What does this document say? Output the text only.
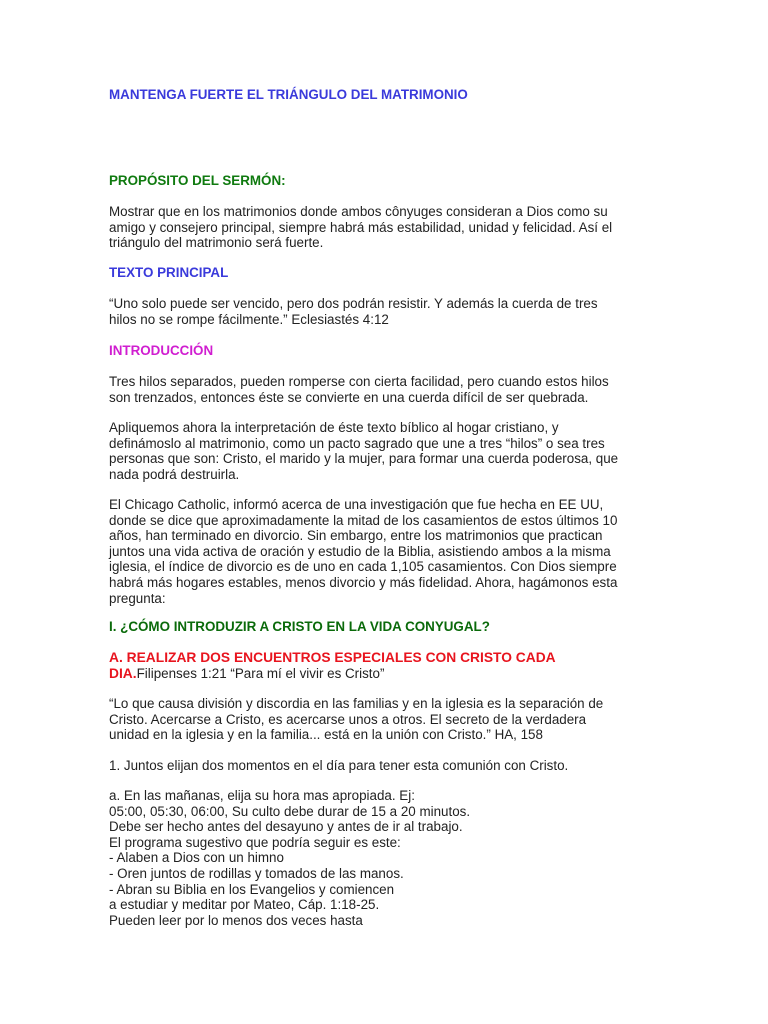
MANTENGA FUERTE EL TRIÁNGULO DEL MATRIMONIO
PROPÓSITO DEL SERMÓN:
Mostrar que en los matrimonios donde ambos cônyuges consideran a Dios como su
amigo y consejero principal, siempre habrá más estabilidad, unidad y felicidad. Así el
triángulo del matrimonio será fuerte.
TEXTO PRINCIPAL
“Uno solo puede ser vencido, pero dos podrán resistir. Y además la cuerda de tres
hilos no se rompe fácilmente.” Eclesiastés 4:12
INTRODUCCIÓN
Tres hilos separados, pueden romperse con cierta facilidad, pero cuando estos hilos
son trenzados, entonces éste se convierte en una cuerda difícil de ser quebrada.
Apliquemos ahora la interpretación de éste texto bíblico al hogar cristiano, y
definámoslo al matrimonio, como un pacto sagrado que une a tres “hilos” o sea tres
personas que son: Cristo, el marido y la mujer, para formar una cuerda poderosa, que
nada podrá destruirla.
El Chicago Catholic, informó acerca de una investigación que fue hecha en EE UU,
donde se dice que aproximadamente la mitad de los casamientos de estos últimos 10
años, han terminado en divorcio. Sin embargo, entre los matrimonios que practican
juntos una vida activa de oración y estudio de la Biblia, asistiendo ambos a la misma
iglesia, el índice de divorcio es de uno en cada 1,105 casamientos. Con Dios siempre
habrá más hogares estables, menos divorcio y más fidelidad. Ahora, hagámonos esta
pregunta:
I. ¿CÓMO INTRODUZIR A CRISTO EN LA VIDA CONYUGAL?
A. REALIZAR DOS ENCUENTROS ESPECIALES CON CRISTO CADA
DIA.Filipenses 1:21 “Para mí el vivir es Cristo”
“Lo que causa división y discordia en las familias y en la iglesia es la separación de
Cristo. Acercarse a Cristo, es acercarse unos a otros. El secreto de la verdadera
unidad en la iglesia y en la familia... está en la unión con Cristo.” HA, 158
1. Juntos elijan dos momentos en el día para tener esta comunión con Cristo.
a. En las mañanas, elija su hora mas apropiada. Ej:
05:00, 05:30, 06:00, Su culto debe durar de 15 a 20 minutos.
Debe ser hecho antes del desayuno y antes de ir al trabajo.
El programa sugestivo que podría seguir es este:
- Alaben a Dios con un himno
- Oren juntos de rodillas y tomados de las manos.
- Abran su Biblia en los Evangelios y comiencen
a estudiar y meditar por Mateo, Cáp. 1:18-25.
Pueden leer por lo menos dos veces hasta
